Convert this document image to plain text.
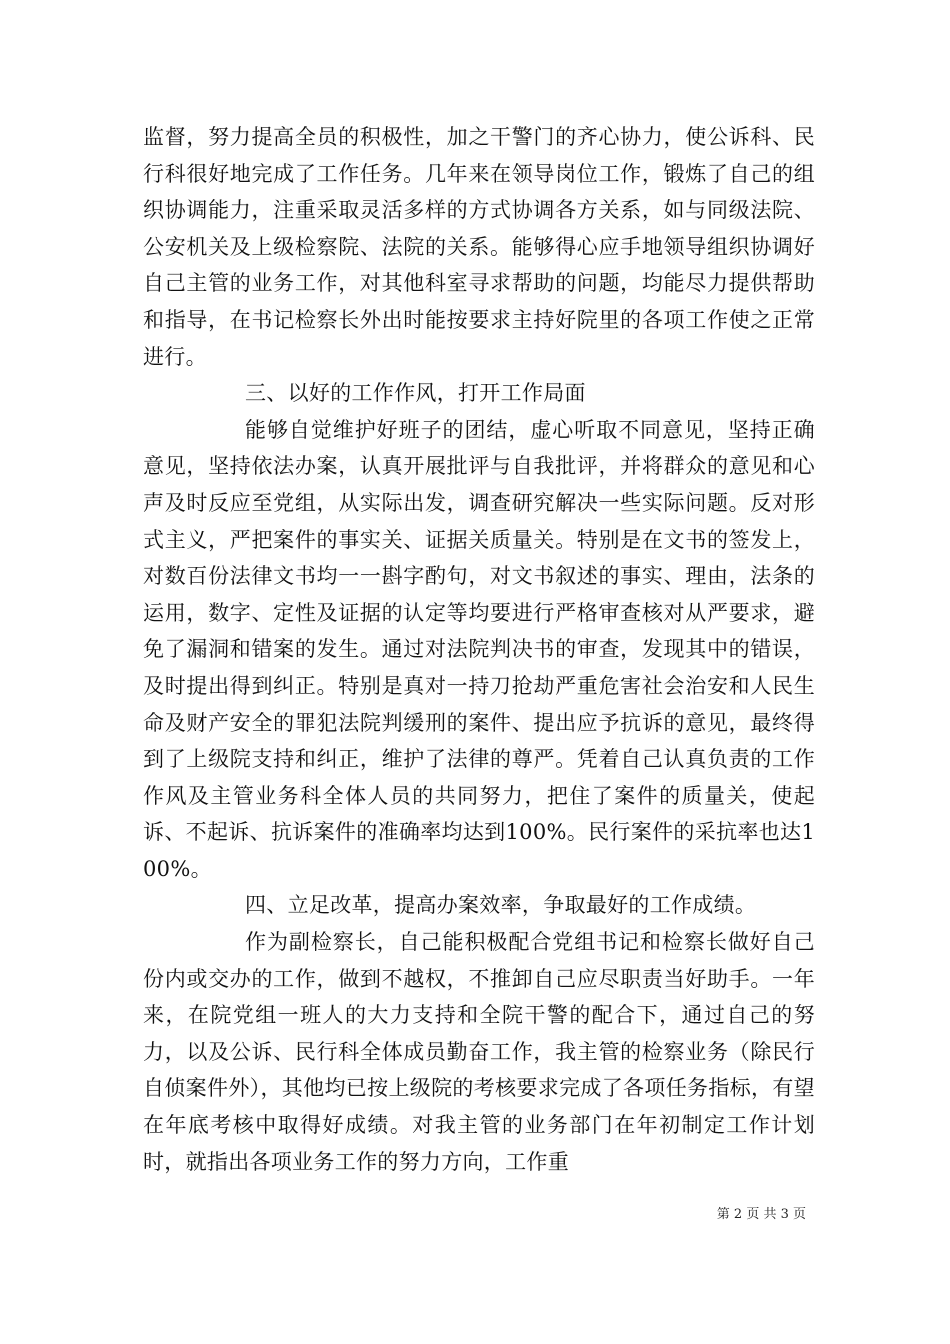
监督，努力提高全员的积极性，加之干警门的齐心协力，使公诉科、民行科很好地完成了工作任务。几年来在领导岗位工作，锻炼了自己的组织协调能力，注重采取灵活多样的方式协调各方关系，如与同级法院、公安机关及上级检察院、法院的关系。能够得心应手地领导组织协调好自己主管的业务工作，对其他科室寻求帮助的问题，均能尽力提供帮助和指导，在书记检察长外出时能按要求主持好院里的各项工作使之正常进行。

三、以好的工作作风，打开工作局面

能够自觉维护好班子的团结，虚心听取不同意见，坚持正确意见，坚持依法办案，认真开展批评与自我批评，并将群众的意见和心声及时反应至党组，从实际出发，调查研究解决一些实际问题。反对形式主义，严把案件的事实关、证据关质量关。特别是在文书的签发上，对数百份法律文书均一一斟字酌句，对文书叙述的事实、理由，法条的运用，数字、定性及证据的认定等均要进行严格审查核对从严要求，避免了漏洞和错案的发生。通过对法院判决书的审查，发现其中的错误，及时提出得到纠正。特别是真对一持刀抢劫严重危害社会治安和人民生命及财产安全的罪犯法院判缓刑的案件、提出应予抗诉的意见，最终得到了上级院支持和纠正，维护了法律的尊严。凭着自己认真负责的工作作风及主管业务科全体人员的共同努力，把住了案件的质量关，使起诉、不起诉、抗诉案件的准确率均达到100%。民行案件的采抗率也达100%。

四、立足改革，提高办案效率，争取最好的工作成绩。

作为副检察长，自己能积极配合党组书记和检察长做好自己份内或交办的工作，做到不越权，不推卸自己应尽职责当好助手。一年来，在院党组一班人的大力支持和全院干警的配合下，通过自己的努力，以及公诉、民行科全体成员勤奋工作，我主管的检察业务（除民行自侦案件外），其他均已按上级院的考核要求完成了各项任务指标，有望在年底考核中取得好成绩。对我主管的业务部门在年初制定工作计划时，就指出各项业务工作的努力方向，工作重

第 2 页 共 3 页
